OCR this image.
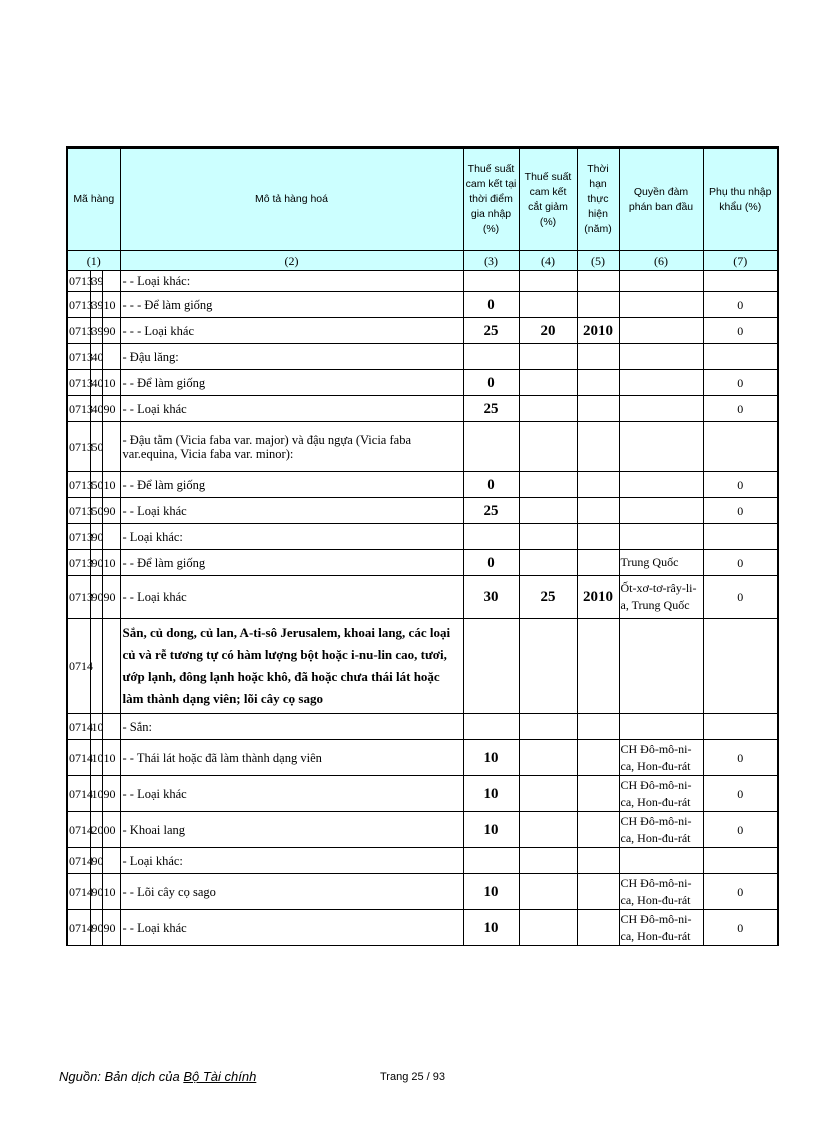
Mã hàng			Mô tả hàng hoá	Thuế suất cam kết tại thời điểm gia nhập (%)	Thuế suất cam kết cắt giảm (%)	Thời hạn thực hiện (năm)	Quyền đàm phán ban đầu	Phụ thu nhập khẩu (%)
(1)			(2)	(3)	(4)	(5)	(6)	(7)
0713	39		- - Loại khác:					
0713	39	10	- - - Để làm giống	0				0
0713	39	90	- - - Loại khác	25	20	2010		0
0713	40		- Đậu lăng:					
0713	40	10	- - Để làm giống	0				0
0713	40	90	- - Loại khác	25				0
0713	50		- Đậu tằm (Vicia faba var. major) và đậu ngựa (Vicia faba var.equina, Vicia faba var. minor):					
0713	50	10	- - Để làm giống	0				0
0713	50	90	- - Loại khác	25				0
0713	90		- Loại khác:					
0713	90	10	- - Để làm giống	0			Trung Quốc	0
0713	90	90	- - Loại khác	30	25	2010	Ốt-xơ-tơ-rây-li-a, Trung Quốc	0
0714			Sắn, củ dong, củ lan, A-ti-sô Jerusalem, khoai lang, các loại củ và rễ tương tự có hàm lượng bột hoặc i-nu-lin cao, tươi, ướp lạnh, đông lạnh hoặc khô, đã hoặc chưa thái lát hoặc làm thành dạng viên; lõi cây cọ sago					
0714	10		- Sắn:					
0714	10	10	- - Thái lát hoặc đã làm thành dạng viên	10			CH Đô-mô-ni-ca, Hon-đu-rát	0
0714	10	90	- - Loại khác	10			CH Đô-mô-ni-ca, Hon-đu-rát	0
0714	20	00	- Khoai lang	10			CH Đô-mô-ni-ca, Hon-đu-rát	0
0714	90		- Loại khác:					
0714	90	10	- - Lõi cây cọ sago	10			CH Đô-mô-ni-ca, Hon-đu-rát	0
0714	90	90	- - Loại khác	10			CH Đô-mô-ni-ca, Hon-đu-rát	0
Nguồn: Bản dịch của Bộ Tài chính	Trang 25 / 93
